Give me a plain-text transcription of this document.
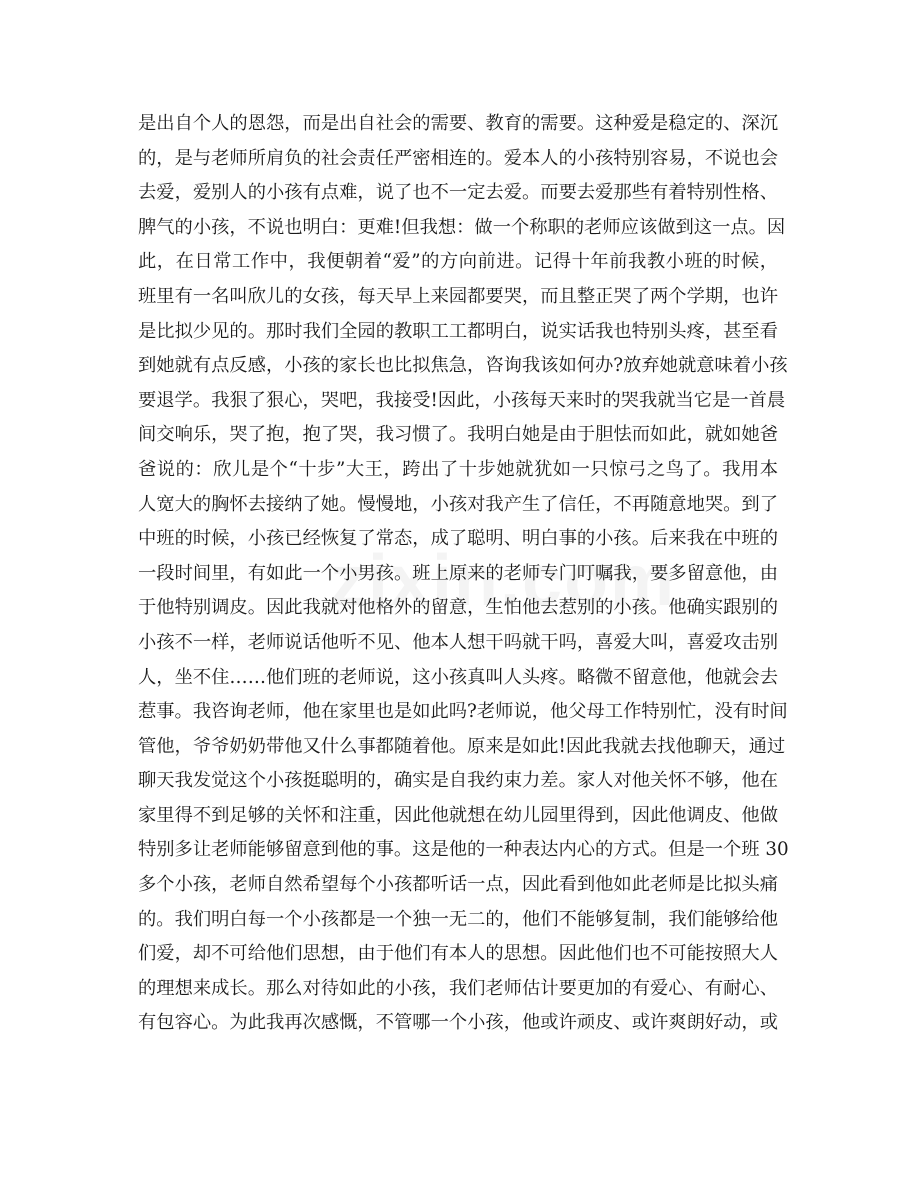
是出自个人的恩怨，而是出自社会的需要、教育的需要。这种爱是稳定的、深沉
的，是与老师所肩负的社会责任严密相连的。爱本人的小孩特别容易，不说也会
去爱，爱别人的小孩有点难，说了也不一定去爱。而要去爱那些有着特别性格、
脾气的小孩，不说也明白：更难!但我想：做一个称职的老师应该做到这一点。因
此，在日常工作中，我便朝着“爱”的方向前进。记得十年前我教小班的时候，
班里有一名叫欣儿的女孩，每天早上来园都要哭，而且整正哭了两个学期，也许
是比拟少见的。那时我们全园的教职工工都明白，说实话我也特别头疼，甚至看
到她就有点反感，小孩的家长也比拟焦急，咨询我该如何办?放弃她就意味着小孩
要退学。我狠了狠心，哭吧，我接受!因此，小孩每天来时的哭我就当它是一首晨
间交响乐，哭了抱，抱了哭，我习惯了。我明白她是由于胆怯而如此，就如她爸
爸说的：欣儿是个“十步”大王，跨出了十步她就犹如一只惊弓之鸟了。我用本
人宽大的胸怀去接纳了她。慢慢地，小孩对我产生了信任，不再随意地哭。到了
中班的时候，小孩已经恢复了常态，成了聪明、明白事的小孩。后来我在中班的
一段时间里，有如此一个小男孩。班上原来的老师专门叮嘱我，要多留意他，由
于他特别调皮。因此我就对他格外的留意，生怕他去惹别的小孩。他确实跟别的
小孩不一样，老师说话他听不见、他本人想干吗就干吗，喜爱大叫，喜爱攻击别
人，坐不住……他们班的老师说，这小孩真叫人头疼。略微不留意他，他就会去
惹事。我咨询老师，他在家里也是如此吗?老师说，他父母工作特别忙，没有时间
管他，爷爷奶奶带他又什么事都随着他。原来是如此!因此我就去找他聊天，通过
聊天我发觉这个小孩挺聪明的，确实是自我约束力差。家人对他关怀不够，他在
家里得不到足够的关怀和注重，因此他就想在幼儿园里得到，因此他调皮、他做
特别多让老师能够留意到他的事。这是他的一种表达内心的方式。但是一个班 30
多个小孩，老师自然希望每个小孩都听话一点，因此看到他如此老师是比拟头痛
的。我们明白每一个小孩都是一个独一无二的，他们不能够复制，我们能够给他
们爱，却不可给他们思想，由于他们有本人的思想。因此他们也不可能按照大人
的理想来成长。那么对待如此的小孩，我们老师估计要更加的有爱心、有耐心、
有包容心。为此我再次感慨，不管哪一个小孩，他或许顽皮、或许爽朗好动，或
